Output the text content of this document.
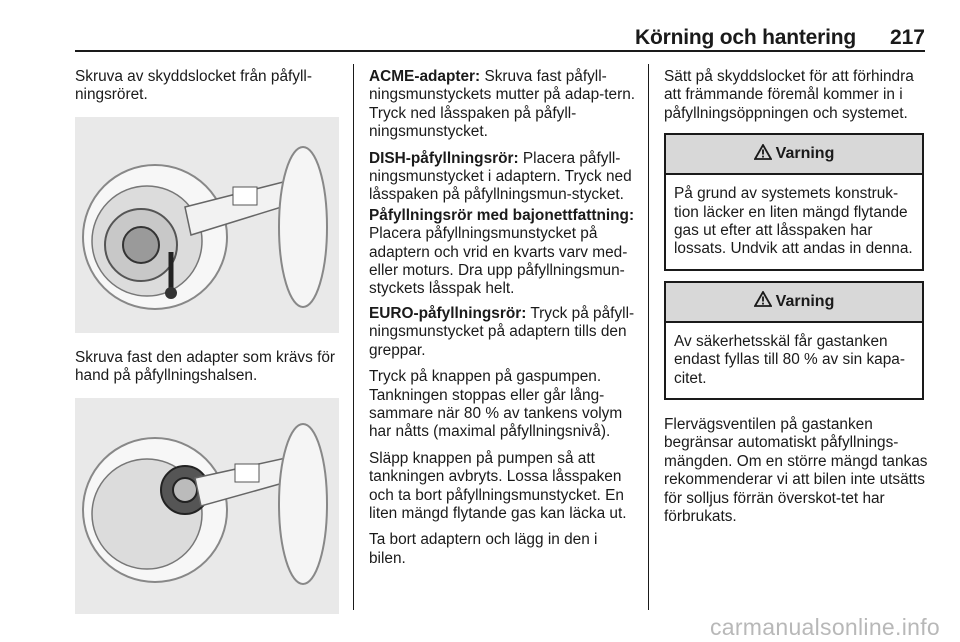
Körning och hantering	217

Skruva av skyddslocket från påfyll-ningsröret.

Skruva fast den adapter som krävs för hand på påfyllningshalsen.

ACME-adapter: Skruva fast påfyll-ningsmunstyckets mutter på adap-tern. Tryck ned låsspaken på påfyll-ningsmunstycket.

DISH-påfyllningsrör: Placera påfyll-ningsmunstycket i adaptern. Tryck ned låsspaken på påfyllningsmun-stycket.

Påfyllningsrör med bajonettfattning:
Placera påfyllningsmunstycket på adaptern och vrid en kvarts varv med- eller moturs. Dra upp påfyllningsmun-styckets låsspak helt.

EURO-påfyllningsrör: Tryck på påfyll-ningsmunstycket på adaptern tills den greppar.

Tryck på knappen på gaspumpen. Tankningen stoppas eller går lång-sammare när 80 % av tankens volym har nåtts (maximal påfyllningsnivå).

Släpp knappen på pumpen så att tankningen avbryts. Lossa låsspaken och ta bort påfyllningsmunstycket. En liten mängd flytande gas kan läcka ut.

Ta bort adaptern och lägg in den i bilen.

Sätt på skyddslocket för att förhindra att främmande föremål kommer in i påfyllningsöppningen och systemet.

Varning
På grund av systemets konstruk-tion läcker en liten mängd flytande gas ut efter att låsspaken har lossats. Undvik att andas in denna.
Varning
Av säkerhetsskäl får gastanken endast fyllas till 80 % av sin kapa-citet.

Flervägsventilen på gastanken begränsar automatiskt påfyllnings-mängden. Om en större mängd tankas rekommenderar vi att bilen inte utsätts för solljus förrän överskot-tet har förbrukats.

carmanualsonline.info
